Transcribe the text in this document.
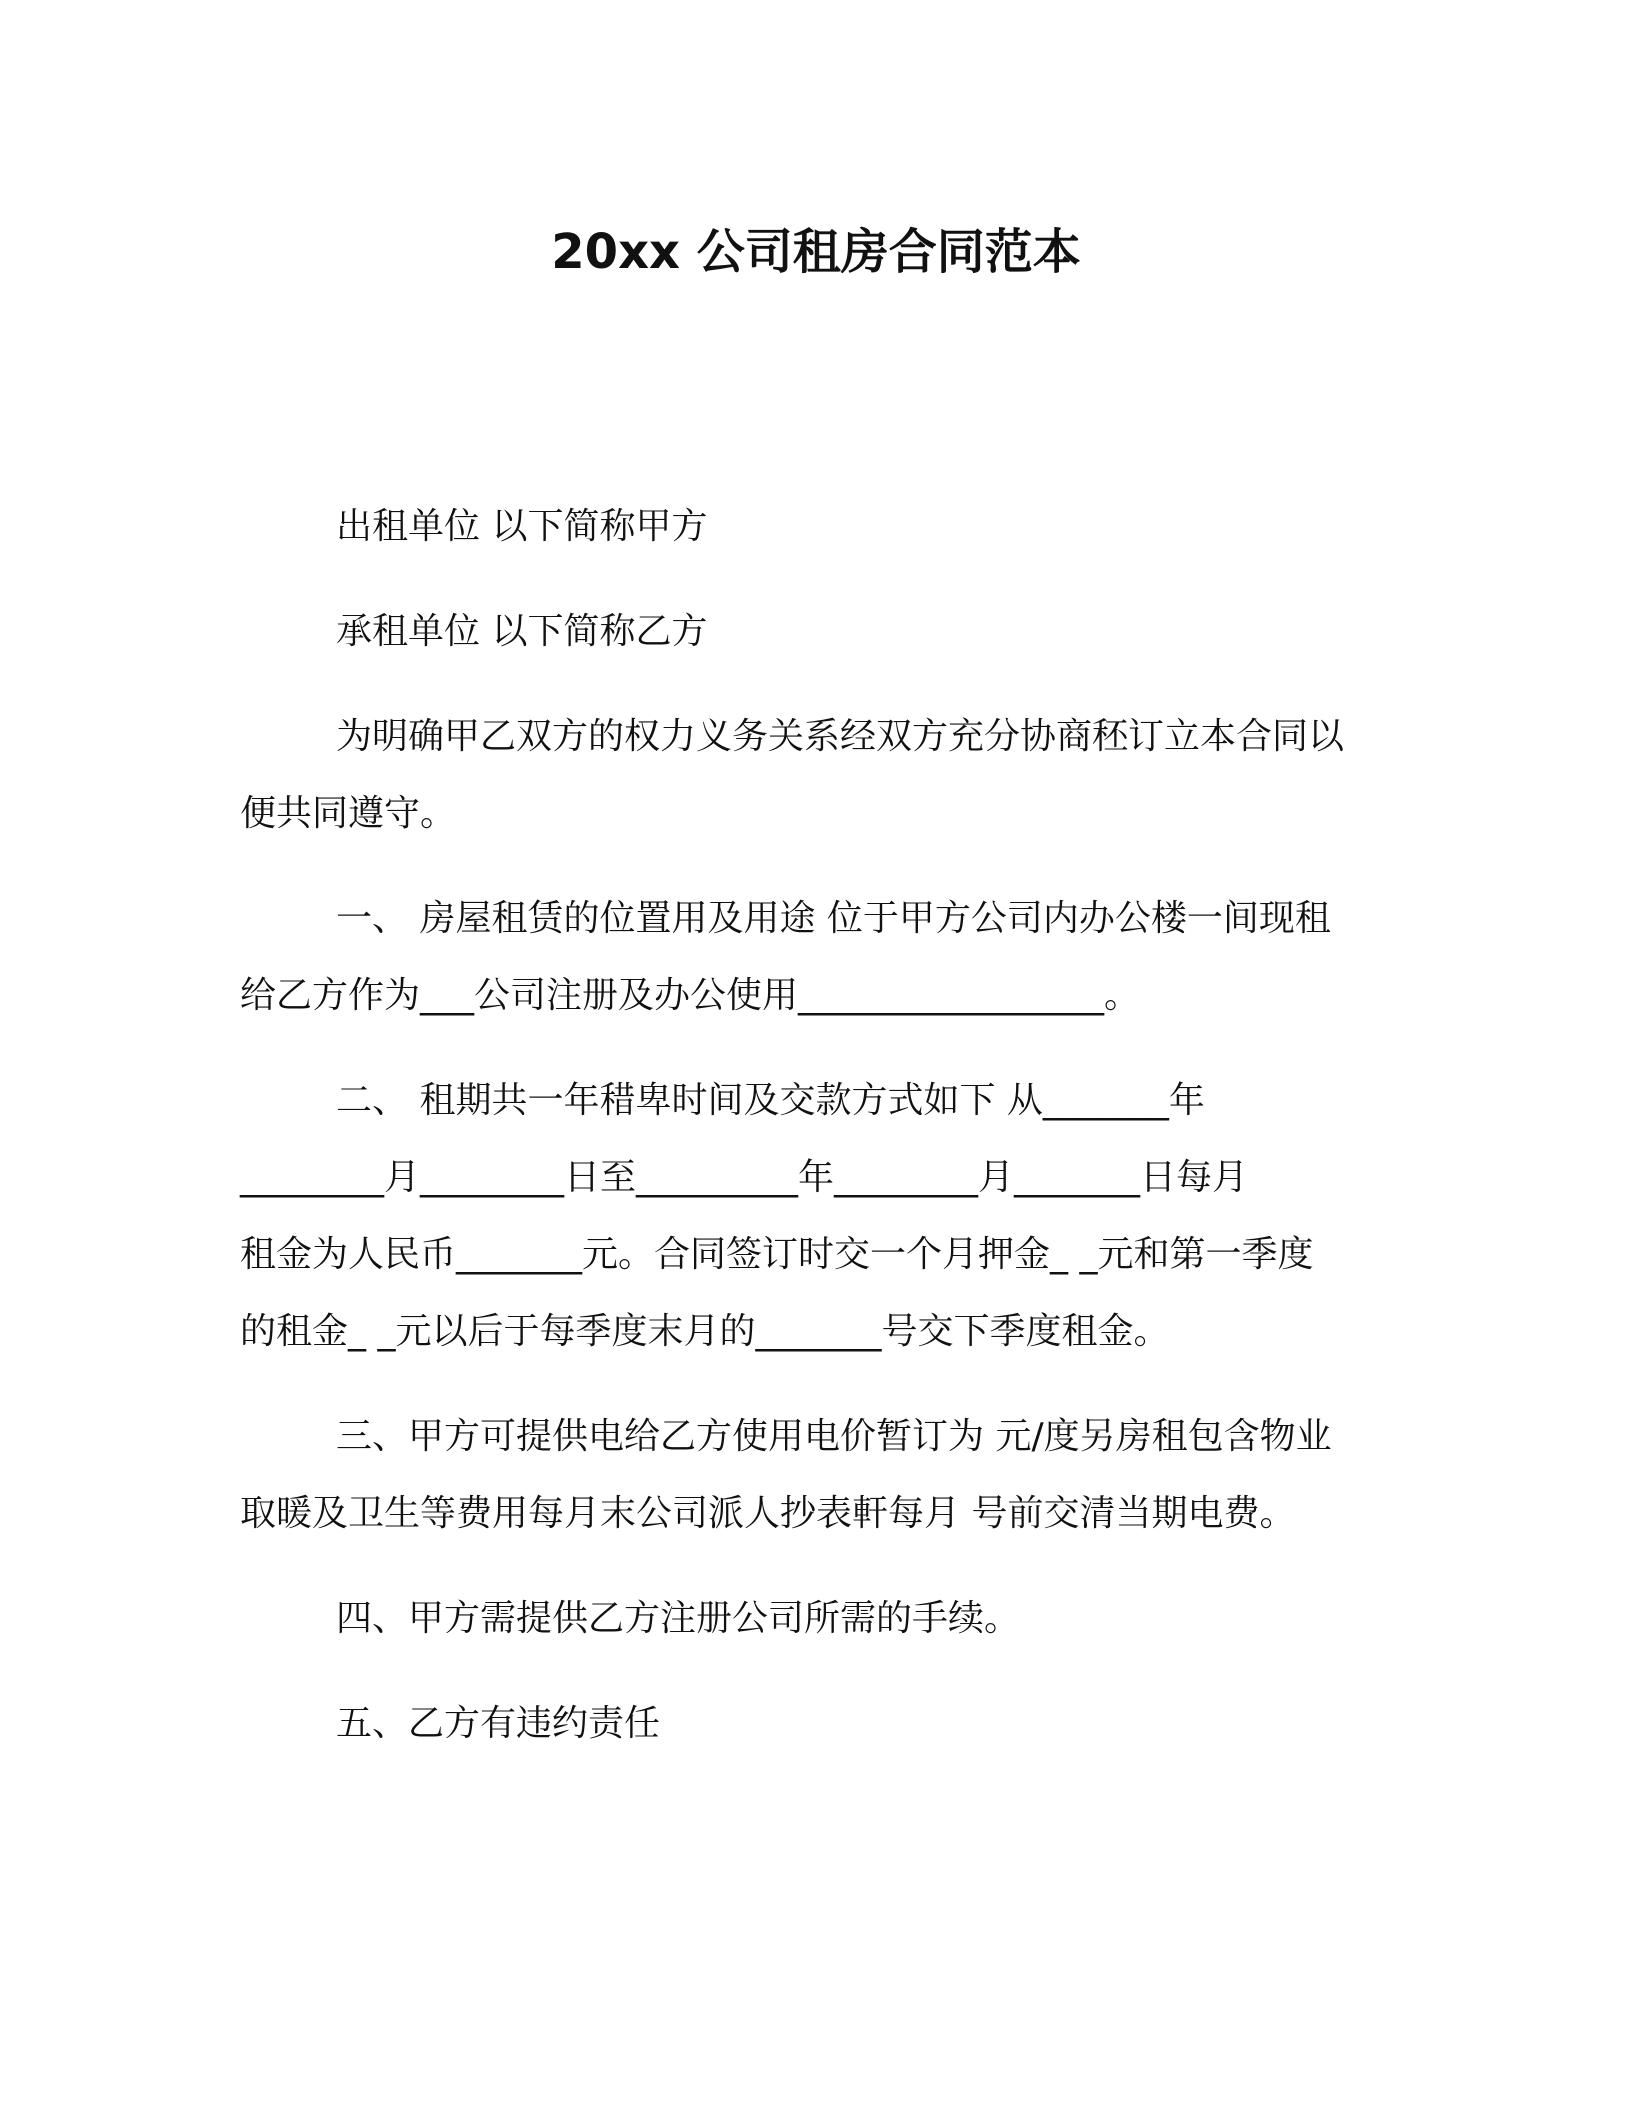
20xx 公司租房合同范本
出租单位 以下简称甲方
承租单位 以下简称乙方
为明确甲乙双方的权力义务关系经双方充分协商秠订立本合同以
便共同遵守。
一、 房屋租赁的位置用及用途 位于甲方公司内办公楼一间现租
给乙方作为___公司注册及办公使用_________________。
二、 租期共一年稓卑时间及交款方式如下 从_______年
________月________日至_________年________月_______日每月
租金为人民币_______元。合同签订时交一个月押金_ _元和第一季度
的租金_ _元以后于每季度末月的_______号交下季度租金。
三、甲方可提供电给乙方使用电价暂订为 元/度另房租包含物业
取暖及卫生等费用每月末公司派人抄表軒每月 号前交清当期电费。
四、甲方需提供乙方注册公司所需的手续。
五、乙方有违约责任
